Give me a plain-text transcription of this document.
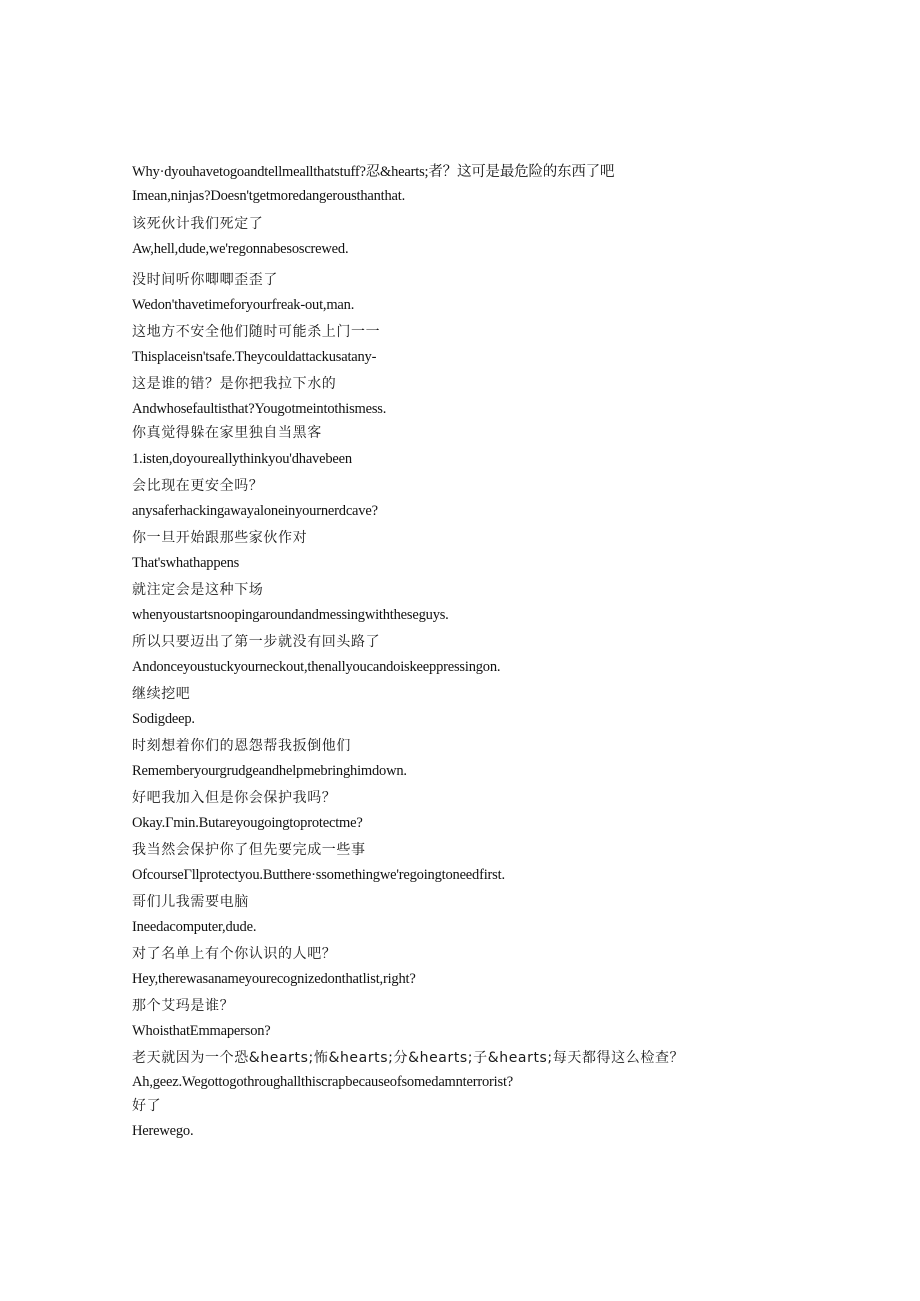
Why·dyouhavetogoandtellmeallthatstuff?忍&hearts;者？这可是最危险的东西了吧
Imean,ninjas?Doesn'tgetmoredangerousthanthat.
该死伙计我们死定了
Aw,hell,dude,we'regonnabesoscrewed.
没时间听你唧唧歪歪了
Wedon'thavetimeforyourfreak-out,man.
这地方不安全他们随时可能杀上门一一
Thisplaceisn'tsafe.Theycouldattackusatany-
这是谁的错？是你把我拉下水的
Andwhosefaultisthat?Yougotmeintothismess.
你真觉得躲在家里独自当黑客
1.isten,doyoureallythinkyou'dhavebeen
会比现在更安全吗？
anysaferhackingawayaloneinyournerdcave?
你一旦开始跟那些家伙作对
That'swhathappens
就注定会是这种下场
whenyoustartsnoopingaroundandmessingwiththeseguys.
所以只要迈出了第一步就没有回头路了
Andonceyoustuckyourneckout,thenallyoucandoiskeeppressingon.
继续挖吧
Sodigdeep.
时刻想着你们的恩怨帮我扳倒他们
Rememberyourgrudgeandhelpmebringhimdown.
好吧我加入但是你会保护我吗？
Okay.Γmin.Butareyougoingtoprotectme?
我当然会保护你了但先要完成一些事
OfcourseΓllprotectyou.Butthere·ssomethingwe'regoingtoneedfirst.
哥们儿我需要电脑
Ineedacomputer,dude.
对了名单上有个你认识的人吧？
Hey,therewasanameyourecognizedonthatlist,right?
那个艾玛是谁？
WhoisthatEmmaperson?
老天就因为一个恐&hearts;怖&hearts;分&hearts;子&hearts;每天都得这么检查？
Ah,geez.Wegottogothroughallthiscrapbecauseofsomedamnterrorist?
好了
Herewego.
